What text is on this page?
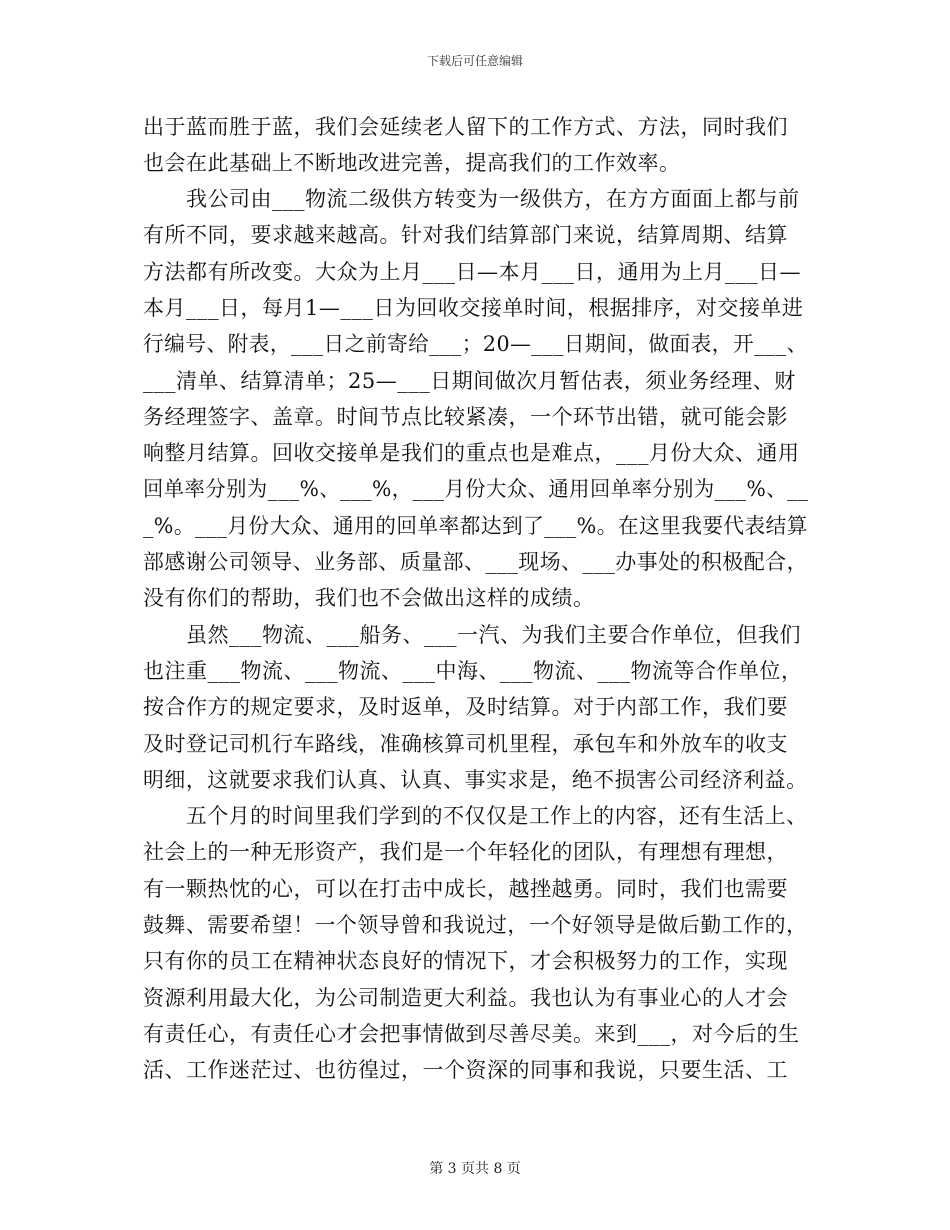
下载后可任意编辑
出于蓝而胜于蓝，我们会延续老人留下的工作方式、方法，同时我们
也会在此基础上不断地改进完善，提高我们的工作效率。
　　我公司由___物流二级供方转变为一级供方，在方方面面上都与前
有所不同，要求越来越高。针对我们结算部门来说，结算周期、结算
方法都有所改变。大众为上月___日—本月___日，通用为上月___日—
本月___日，每月1—___日为回收交接单时间，根据排序，对交接单进
行编号、附表，___日之前寄给___；20—___日期间，做面表，开___、
___清单、结算清单；25—___日期间做次月暂估表，须业务经理、财
务经理签字、盖章。时间节点比较紧凑，一个环节出错，就可能会影
响整月结算。回收交接单是我们的重点也是难点，___月份大众、通用
回单率分别为___%、___%，___月份大众、通用回单率分别为___%、__
_%。___月份大众、通用的回单率都达到了___%。在这里我要代表结算
部感谢公司领导、业务部、质量部、___现场、___办事处的积极配合，
没有你们的帮助，我们也不会做出这样的成绩。
　　虽然___物流、___船务、___一汽、为我们主要合作单位，但我们
也注重___物流、___物流、___中海、___物流、___物流等合作单位，
按合作方的规定要求，及时返单，及时结算。对于内部工作，我们要
及时登记司机行车路线，准确核算司机里程，承包车和外放车的收支
明细，这就要求我们认真、认真、事实求是，绝不损害公司经济利益。
　　五个月的时间里我们学到的不仅仅是工作上的内容，还有生活上、
社会上的一种无形资产，我们是一个年轻化的团队，有理想有理想，
有一颗热忱的心，可以在打击中成长，越挫越勇。同时，我们也需要
鼓舞、需要希望！一个领导曾和我说过，一个好领导是做后勤工作的，
只有你的员工在精神状态良好的情况下，才会积极努力的工作，实现
资源利用最大化，为公司制造更大利益。我也认为有事业心的人才会
有责任心，有责任心才会把事情做到尽善尽美。来到___，对今后的生
活、工作迷茫过、也彷徨过，一个资深的同事和我说，只要生活、工
第 3 页共 8 页
